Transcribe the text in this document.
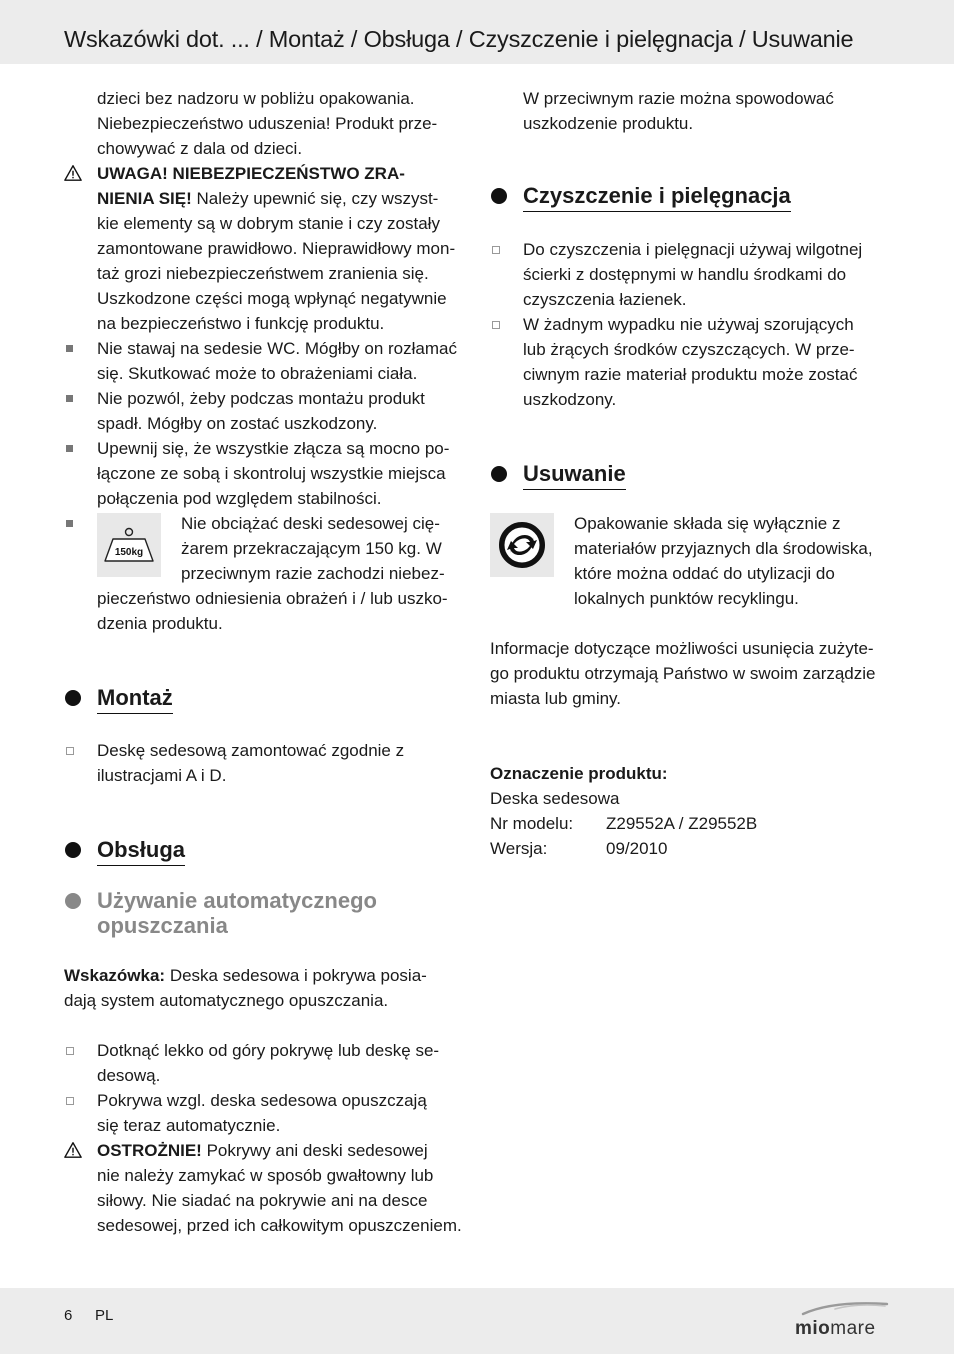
Wskazówki dot. ... / Montaż / Obsługa / Czyszczenie i pielęgnacja / Usuwanie
dzieci bez nadzoru w pobliżu opakowania.
Niebezpieczeństwo uduszenia! Produkt prze-
chowywać z dala od dzieci.
UWAGA! NIEBEZPIECZEŃSTWO ZRA-
NIENIA SIĘ! Należy upewnić się, czy wszyst-
kie elementy są w dobrym stanie i czy zostały
zamontowane prawidłowo. Nieprawidłowy mon-
taż grozi niebezpieczeństwem zranienia się.
Uszkodzone części mogą wpłynąć negatywnie
na bezpieczeństwo i funkcję produktu.
Nie stawaj na sedesie WC. Mógłby on rozłamać
się. Skutkować może to obrażeniami ciała.
Nie pozwól, żeby podczas montażu produkt
spadł. Mógłby on zostać uszkodzony.
Upewnij się, że wszystkie złącza są mocno po-
łączone ze sobą i skontroluj wszystkie miejsca
połączenia pod względem stabilności.
150kg
Nie obciążać deski sedesowej cię-
żarem przekraczającym 150 kg. W
przeciwnym razie zachodzi niebez-
pieczeństwo odniesienia obrażeń i / lub uszko-
dzenia produktu.
Montaż
Deskę sedesową zamontować zgodnie z
ilustracjami A i D.
Obsługa
Używanie automatycznego
opuszczania
Wskazówka: Deska sedesowa i pokrywa posia-
dają system automatycznego opuszczania.
Dotknąć lekko od góry pokrywę lub deskę se-
desową.
Pokrywa wzgl. deska sedesowa opuszczają
się teraz automatycznie.
OSTROŻNIE! Pokrywy ani deski sedesowej
nie należy zamykać w sposób gwałtowny lub
siłowy. Nie siadać na pokrywie ani na desce
sedesowej, przed ich całkowitym opuszczeniem.
W przeciwnym razie można spowodować
uszkodzenie produktu.
Czyszczenie i pielęgnacja
Do czyszczenia i pielęgnacji używaj wilgotnej
ścierki z dostępnymi w handlu środkami do
czyszczenia łazienek.
W żadnym wypadku nie używaj szorujących
lub żrących środków czyszczących. W prze-
ciwnym razie materiał produktu może zostać
uszkodzony.
Usuwanie
Opakowanie składa się wyłącznie z
materiałów przyjaznych dla środowiska,
które można oddać do utylizacji do
lokalnych punktów recyklingu.
Informacje dotyczące możliwości usunięcia zużyte-
go produktu otrzymają Państwo w swoim zarządzie
miasta lub gminy.
Oznaczenie produktu:
Deska sedesowa
Nr modelu:	Z29552A / Z29552B
Wersja:	09/2010
6 PL
miomare
